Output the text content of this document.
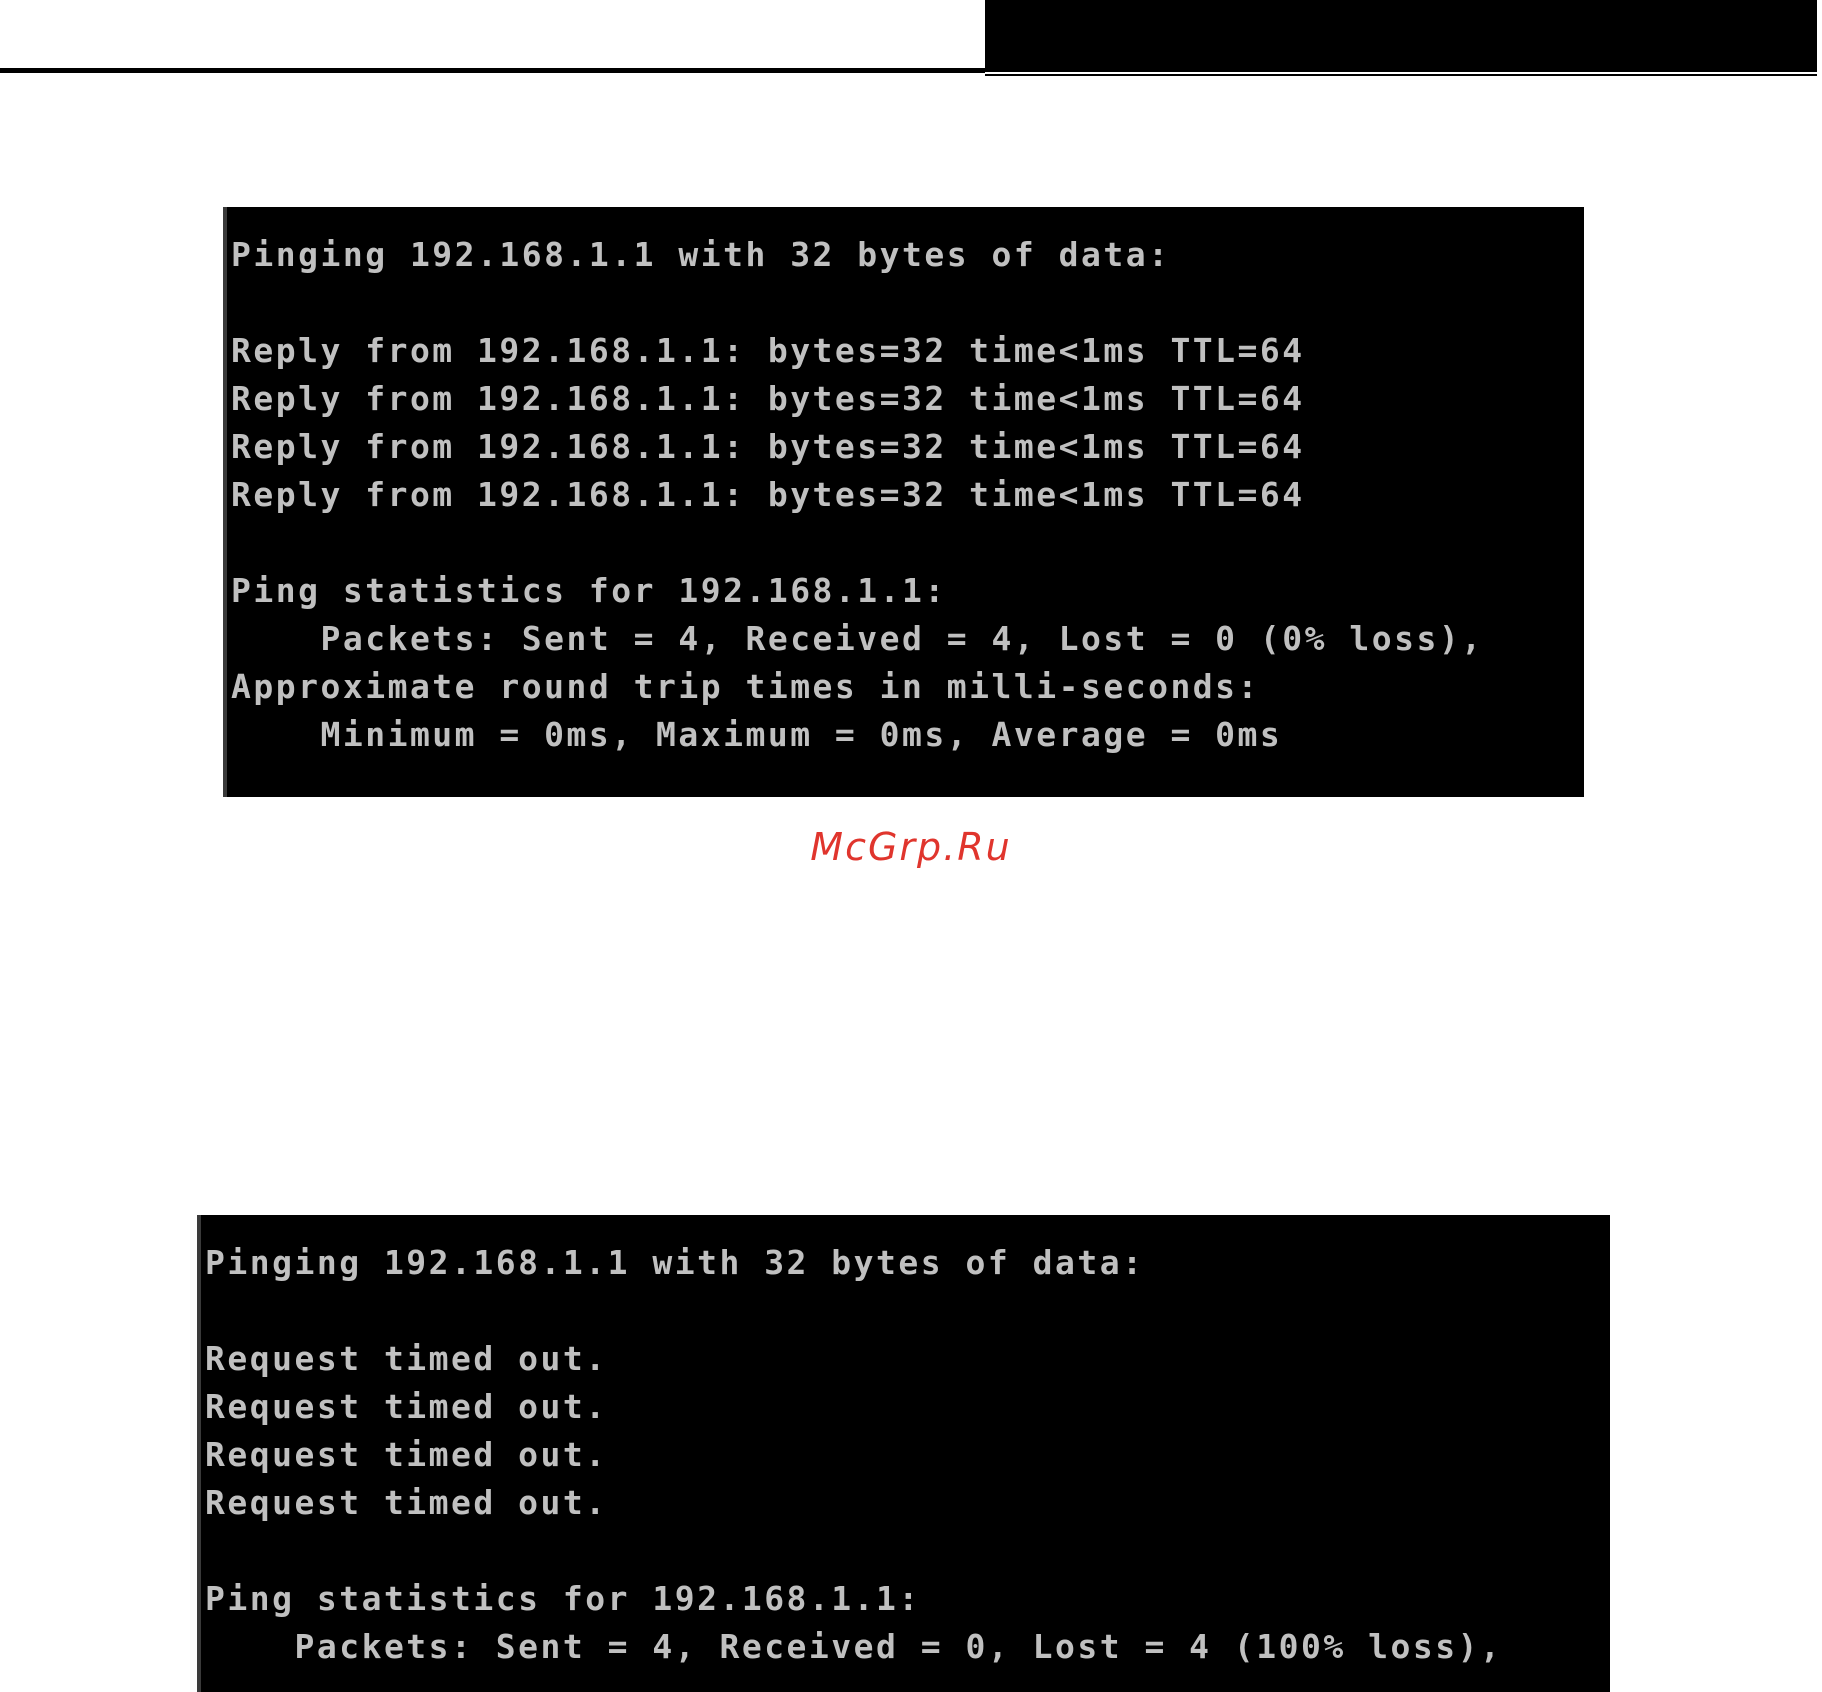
Pinging 192.168.1.1 with 32 bytes of data:
Reply from 192.168.1.1: bytes=32 time<1ms TTL=64
Reply from 192.168.1.1: bytes=32 time<1ms TTL=64
Reply from 192.168.1.1: bytes=32 time<1ms TTL=64
Reply from 192.168.1.1: bytes=32 time<1ms TTL=64
Ping statistics for 192.168.1.1:
Packets: Sent = 4, Received = 4, Lost = 0 (0% loss),
Approximate round trip times in milli-seconds:
Minimum = 0ms, Maximum = 0ms, Average = 0ms
McGrp.Ru
Pinging 192.168.1.1 with 32 bytes of data:
Request timed out.
Request timed out.
Request timed out.
Request timed out.
Ping statistics for 192.168.1.1:
Packets: Sent = 4, Received = 0, Lost = 4 (100% loss),
